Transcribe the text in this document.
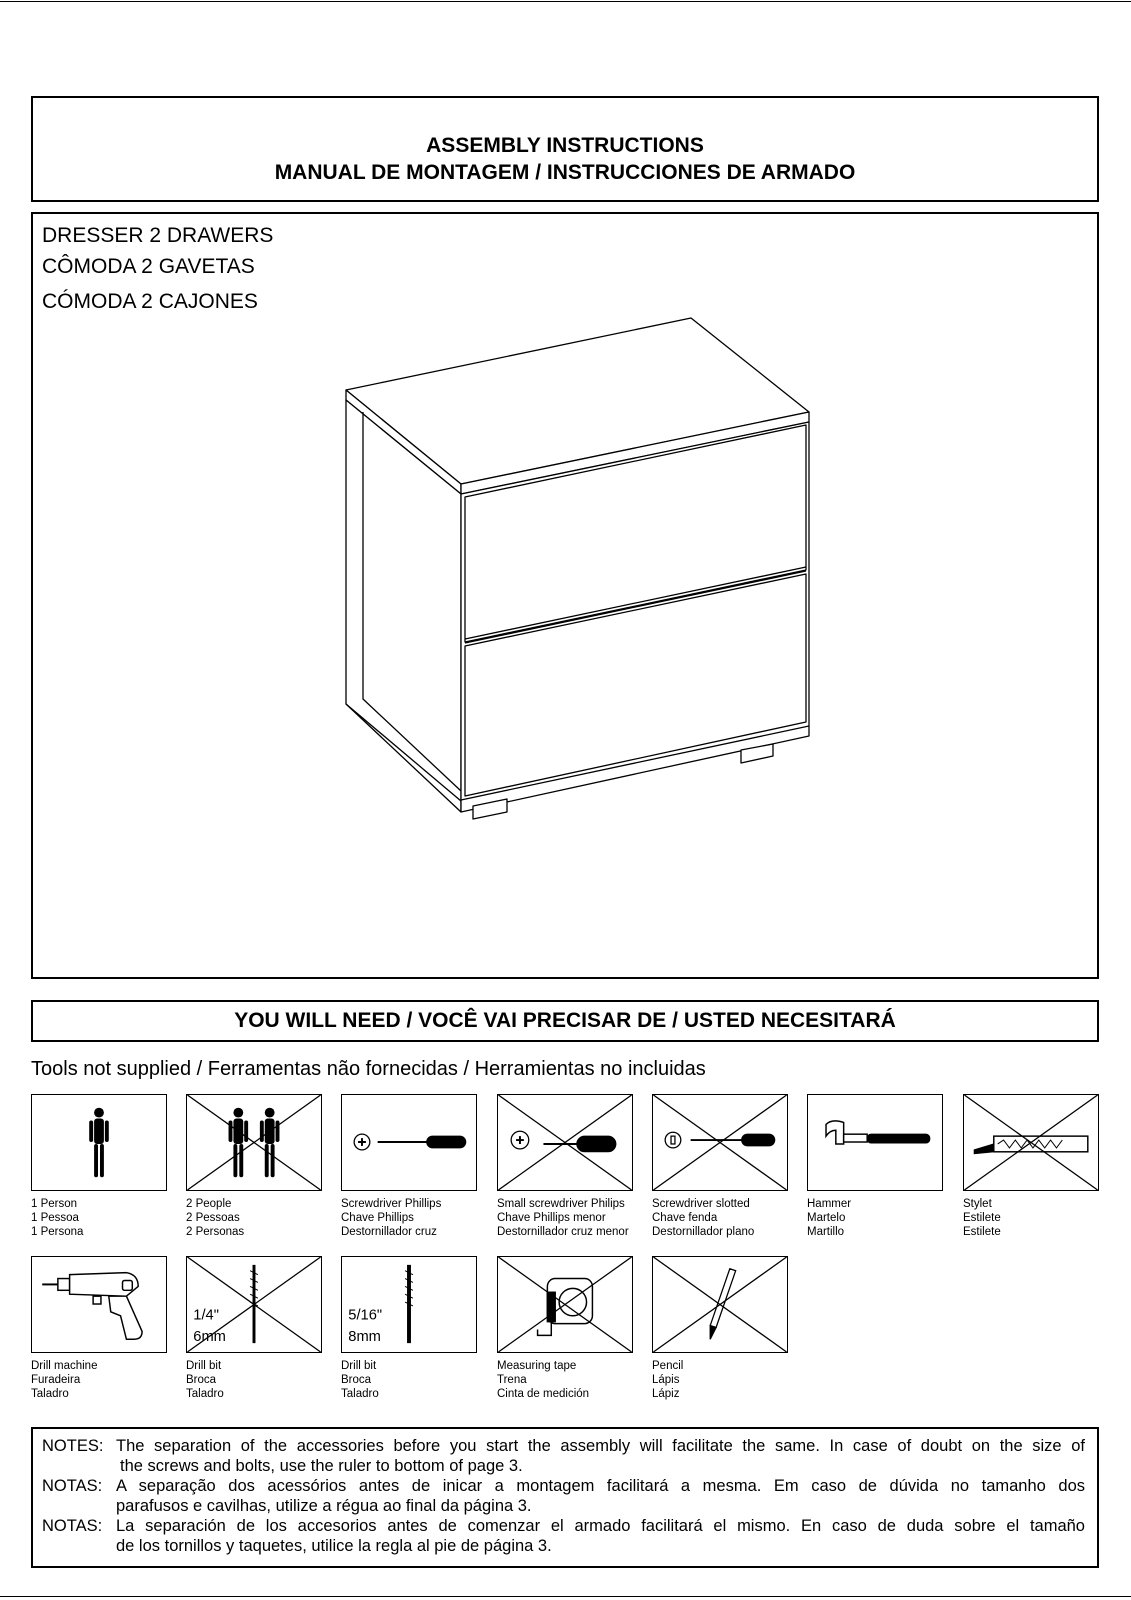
ASSEMBLY INSTRUCTIONS
MANUAL DE MONTAGEM / INSTRUCCIONES DE ARMADO
DRESSER 2 DRAWERS
CÔMODA 2 GAVETAS
CÓMODA 2 CAJONES
YOU WILL NEED / VOCÊ VAI PRECISAR DE / USTED NECESITARÁ
Tools not supplied / Ferramentas não fornecidas / Herramientas no incluidas
1 Person
1 Pessoa
1 Persona
2 People
2 Pessoas
2 Personas
Screwdriver Phillips
Chave Phillips
Destornillador cruz
Small screwdriver Philips
Chave Phillips menor
Destornillador cruz menor
Screwdriver slotted
Chave fenda
Destornillador plano
Hammer
Martelo
Martillo
Stylet
Estilete
Estilete
Drill machine
Furadeira
Taladro
1/4"
6mm
Drill bit
Broca
Taladro
5/16"
8mm
Drill bit
Broca
Taladro
Measuring tape
Trena
Cinta de medición
Pencil
Lápis
Lápiz
NOTES: The separation of the accessories before you start the assembly will facilitate the same. In case of doubt on the size of
the screws and bolts, use the ruler to bottom of page 3.
NOTAS: A separação dos acessórios antes de inicar a montagem facilitará a mesma. Em caso de dúvida no tamanho dos
parafusos e cavilhas, utilize a régua ao final da página 3.
NOTAS: La separación de los accesorios antes de comenzar el armado facilitará el mismo. En caso de duda sobre el tamaño
de los tornillos y taquetes, utilice la regla al pie de página 3.
